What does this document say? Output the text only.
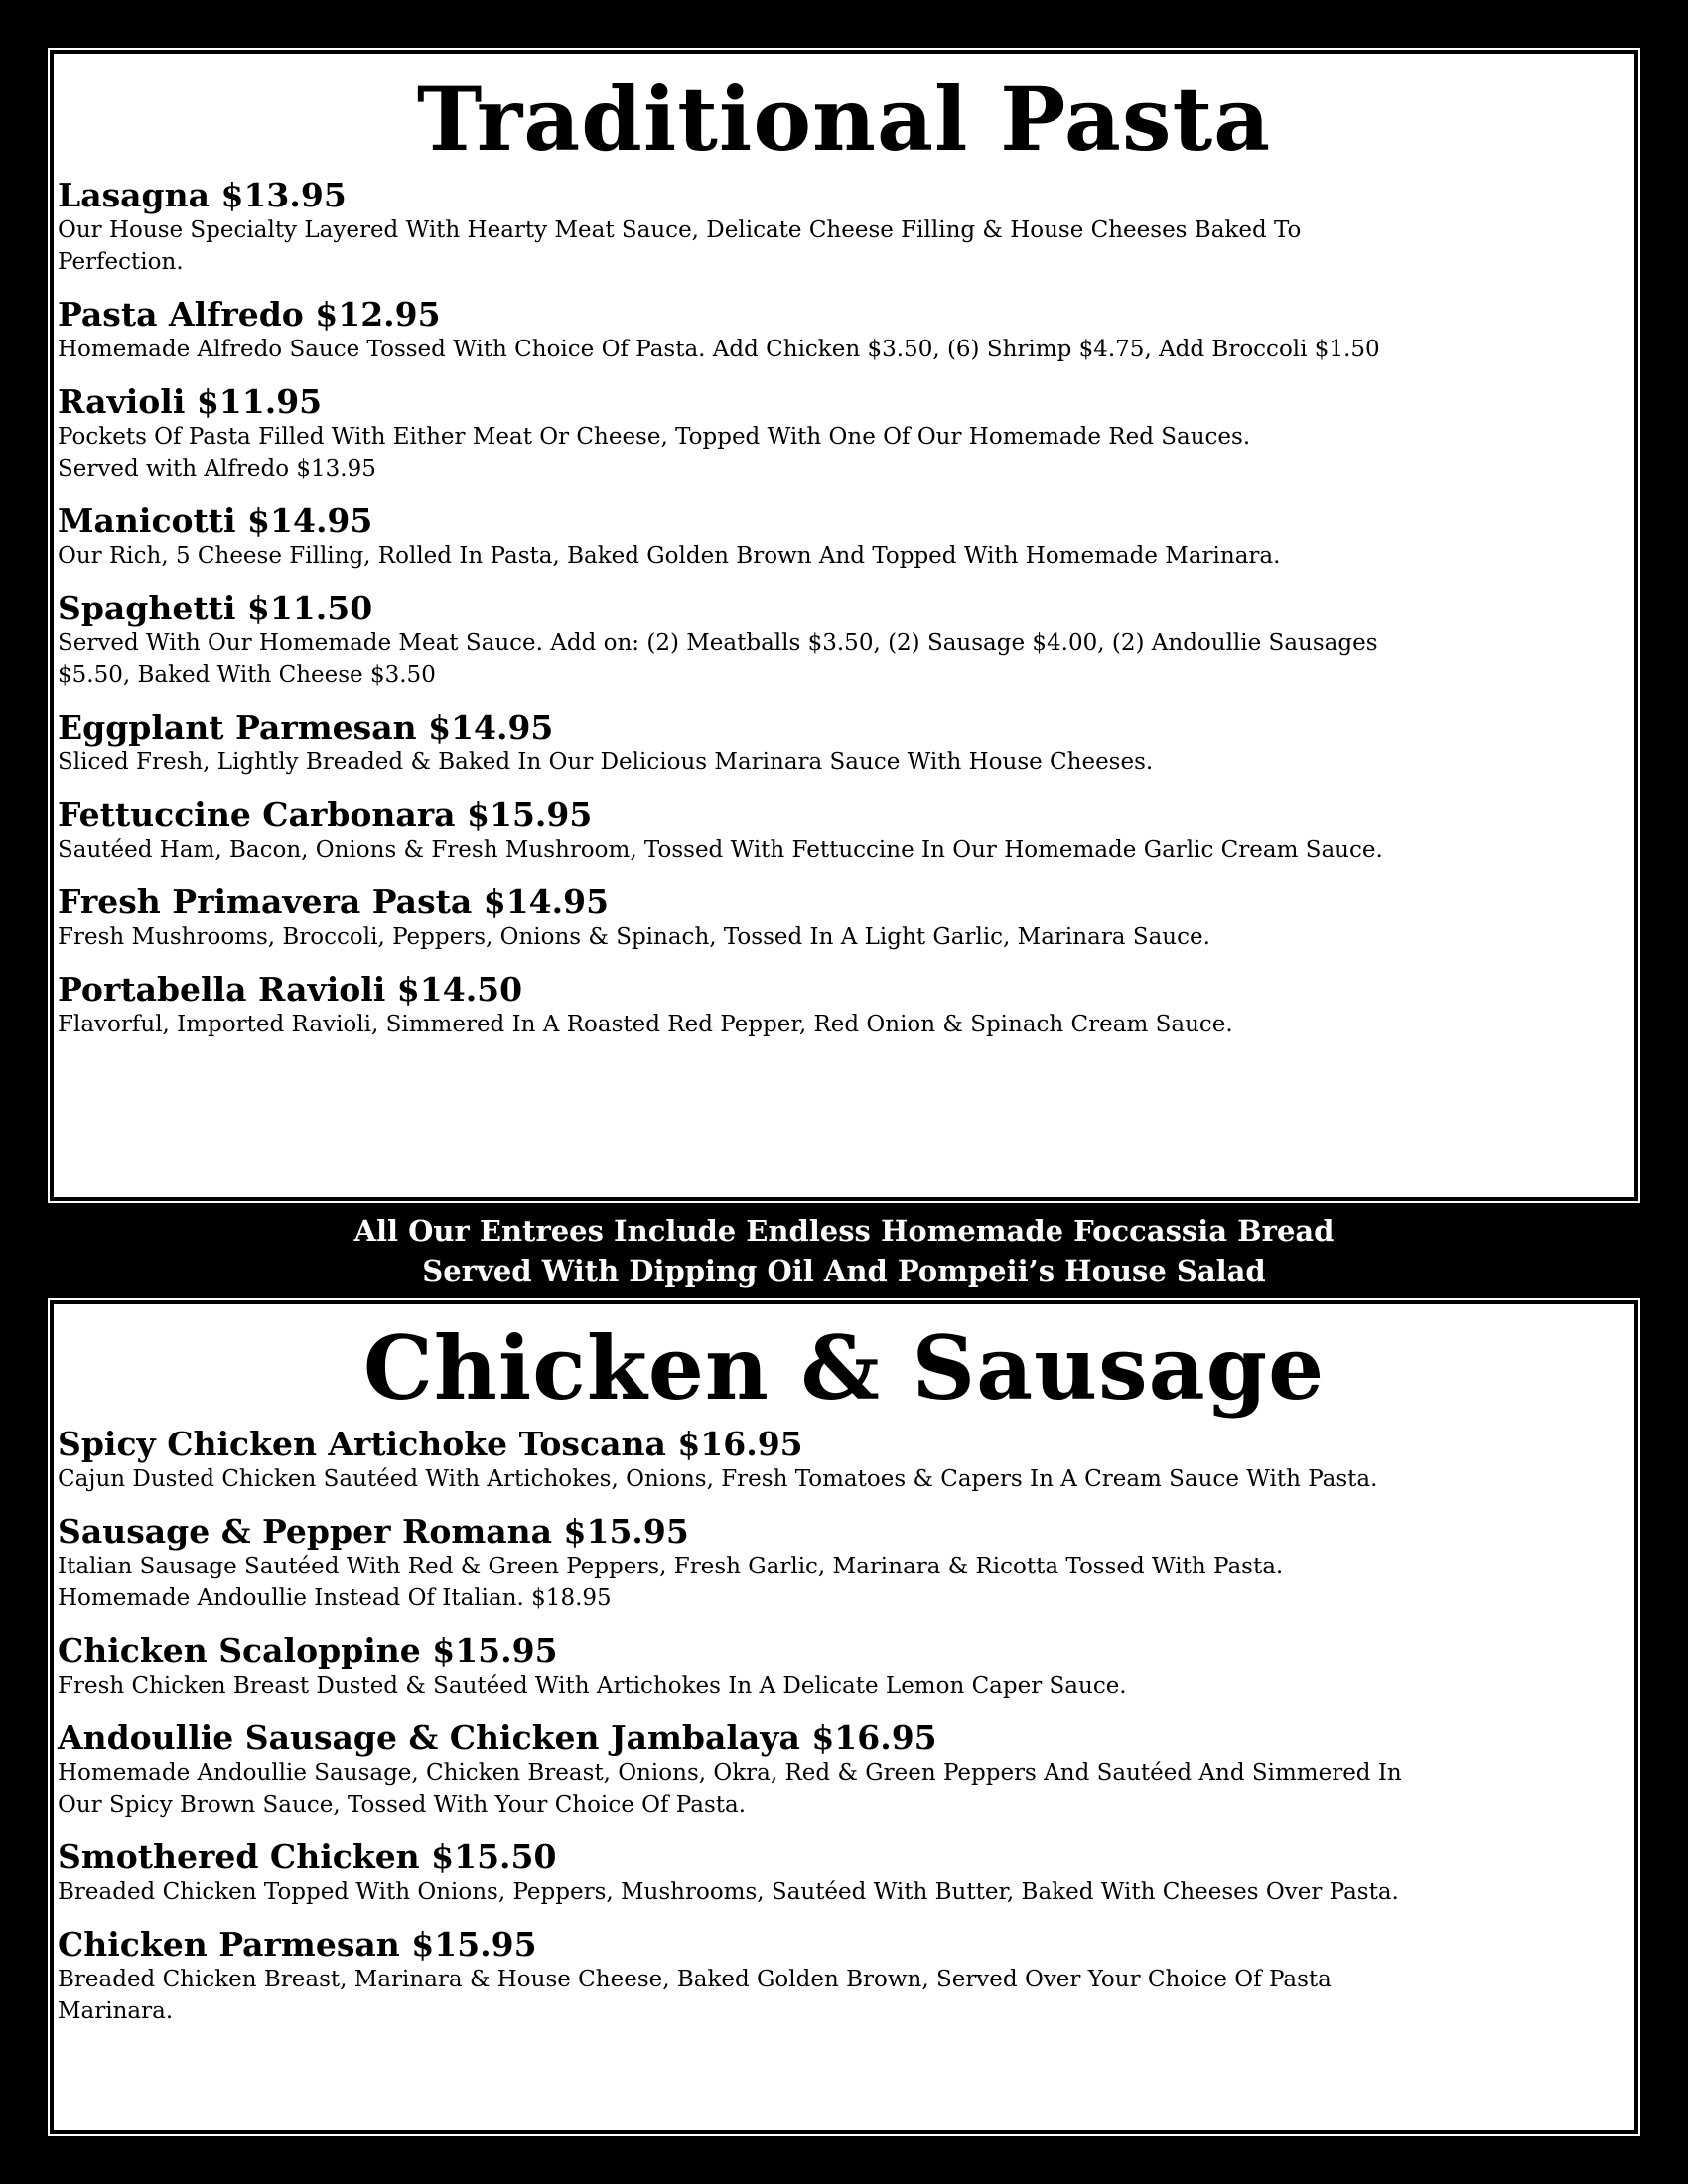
Traditional Pasta

Lasagna $13.95

Our House Specialty Layered With Hearty Meat Sauce, Delicate Cheese Filling & House Cheeses Baked To
Perfection.

Pasta Alfredo $12.95

Homemade Alfredo Sauce Tossed With Choice Of Pasta. Add Chicken $3.50, (6) Shrimp $4.75, Add Broccoli $1.50

Ravioli $11.95

Pockets Of Pasta Filled With Either Meat Or Cheese, Topped With One Of Our Homemade Red Sauces.
Served with Alfredo $13.95

Manicotti $14.95

Our Rich, 5 Cheese Filling, Rolled In Pasta, Baked Golden Brown And Topped With Homemade Marinara.

Spaghetti $11.50

Served With Our Homemade Meat Sauce. Add on: (2) Meatballs $3.50, (2) Sausage $4.00, (2) Andoullie Sausages
$5.50, Baked With Cheese $3.50

Eggplant Parmesan $14.95

Sliced Fresh, Lightly Breaded & Baked In Our Delicious Marinara Sauce With House Cheeses.

Fettuccine Carbonara $15.95

Sautéed Ham, Bacon, Onions & Fresh Mushroom, Tossed With Fettuccine In Our Homemade Garlic Cream Sauce.

Fresh Primavera Pasta $14.95

Fresh Mushrooms, Broccoli, Peppers, Onions & Spinach, Tossed In A Light Garlic, Marinara Sauce.

Portabella Ravioli $14.50

Flavorful, Imported Ravioli, Simmered In A Roasted Red Pepper, Red Onion & Spinach Cream Sauce.

All Our Entrees Include Endless Homemade Foccassia Bread
Served With Dipping Oil And Pompeii’s House Salad
Chicken & Sausage

Spicy Chicken Artichoke Toscana $16.95

Cajun Dusted Chicken Sautéed With Artichokes, Onions, Fresh Tomatoes & Capers In A Cream Sauce With Pasta.

Sausage & Pepper Romana $15.95

Italian Sausage Sautéed With Red & Green Peppers, Fresh Garlic, Marinara & Ricotta Tossed With Pasta.
Homemade Andoullie Instead Of Italian. $18.95

Chicken Scaloppine $15.95

Fresh Chicken Breast Dusted & Sautéed With Artichokes In A Delicate Lemon Caper Sauce.

Andoullie Sausage & Chicken Jambalaya $16.95

Homemade Andoullie Sausage, Chicken Breast, Onions, Okra, Red & Green Peppers And Sautéed And Simmered In
Our Spicy Brown Sauce, Tossed With Your Choice Of Pasta.

Smothered Chicken $15.50

Breaded Chicken Topped With Onions, Peppers, Mushrooms, Sautéed With Butter, Baked With Cheeses Over Pasta.

Chicken Parmesan $15.95

Breaded Chicken Breast, Marinara & House Cheese, Baked Golden Brown, Served Over Your Choice Of Pasta
Marinara.
